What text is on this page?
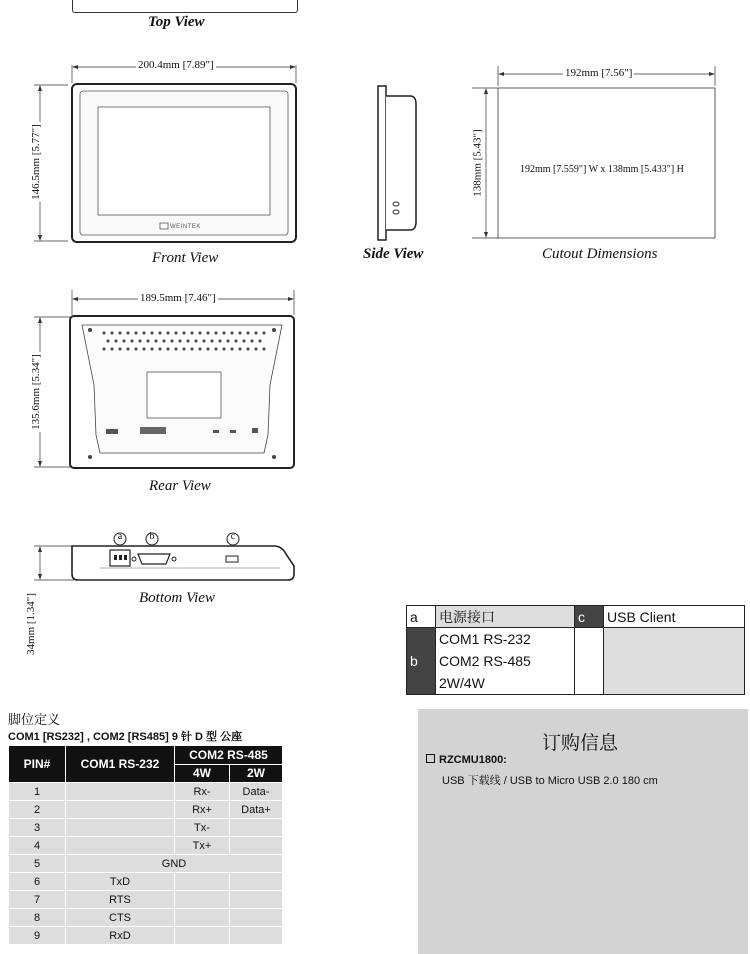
Top View
200.4mm [7.89"]
146.5mm [5.77"]
WEINTEK
Front View	Side View
192mm [7.56"]
138mm [5.43"]	192mm [7.559"] W x 138mm [5.433"] H
Cutout Dimensions
189.5mm [7.46"]
135.6mm [5.34"]
Rear View
a	b	c
34mm [1.34"]	Bottom View
a	电源接口	c	USB Client
b	COM1 RS-232
COM2 RS-485
2W/4W		

脚位定义
COM1 [RS232] , COM2 [RS485] 9 针 D 型 公座
PIN#	COM1 RS-232	COM2 RS-485	
		4W	2W
1		Rx-	Data-
2		Rx+	Data+
3		Tx-	
4		Tx+	
5	GND		
6	TxD		
7	RTS		
8	CTS		
9	RxD		
订购信息
RZCMU1800:
USB 下载线 / USB to Micro USB 2.0 180 cm
